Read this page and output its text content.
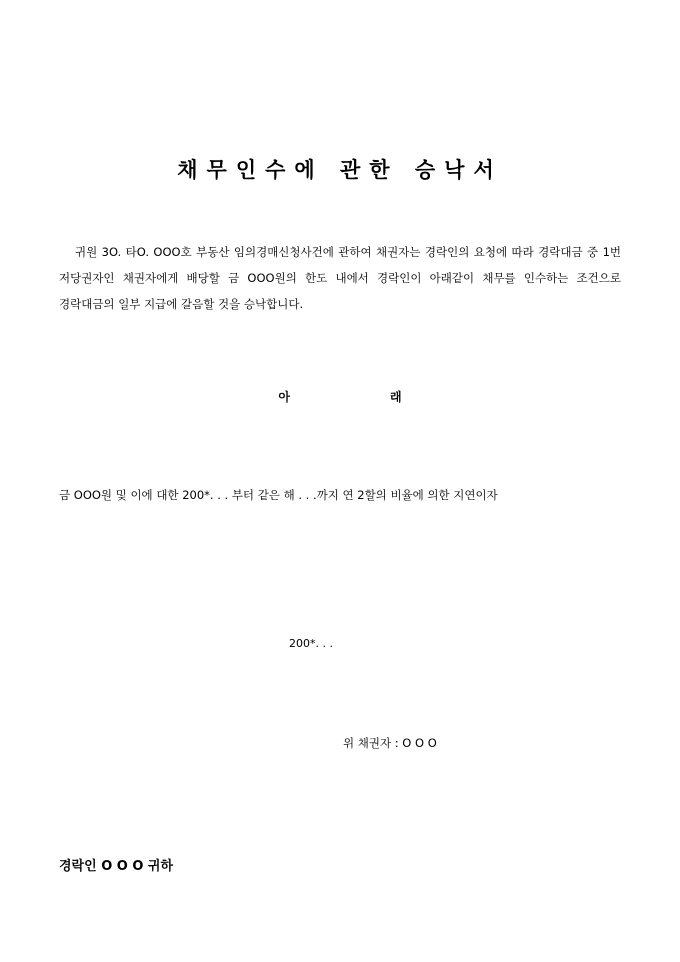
채무인수에 관한 승낙서
귀원 3O. 타O. OOO호 부동산 임의경매신청사건에 관하여 채권자는 경락인의 요청에 따라 경락대금 중 1번 저당권자인 채권자에게 배당할 금 OOO원의 한도 내에서 경락인이 아래같이 채무를 인수하는 조건으로 경락대금의 일부 지급에 갈음할 것을 승낙합니다.
아	래
금 OOO원 및 이에 대한 200*. . . 부터 같은 해 . . .까지 연 2할의 비율에 의한 지연이자
200*. . .
위 채권자 : O O O
경락인 O O O 귀하
